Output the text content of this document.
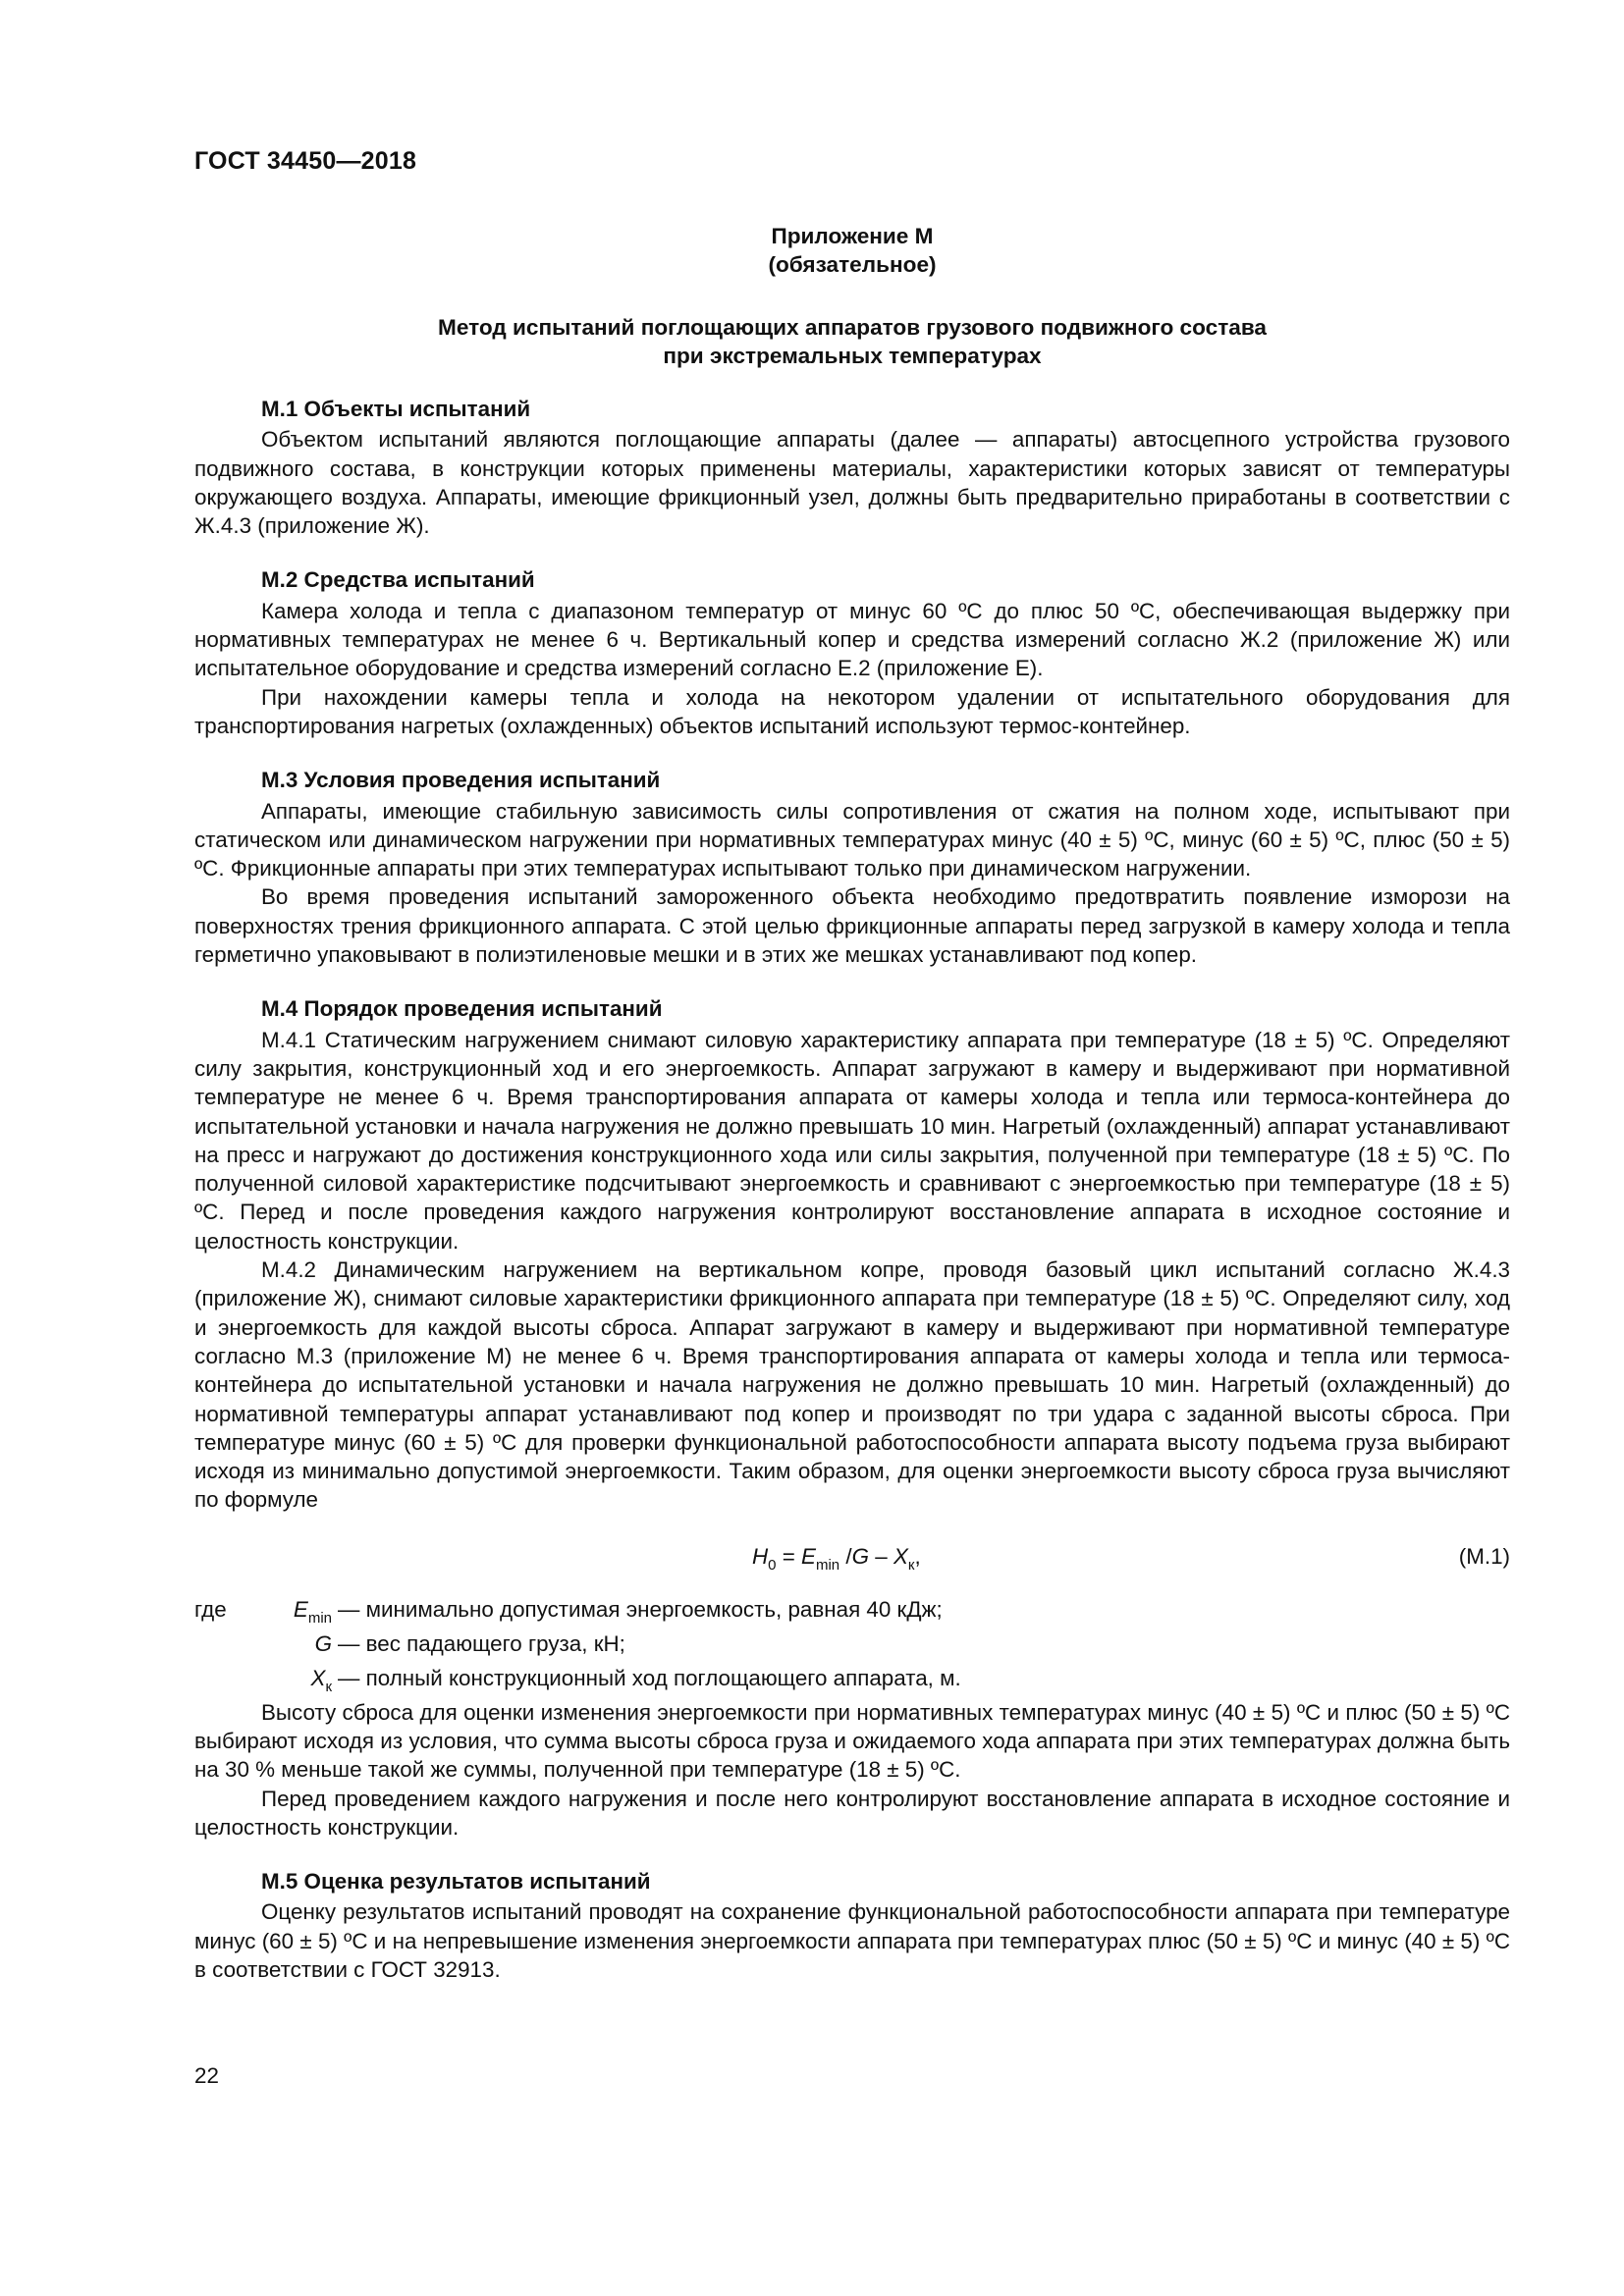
ГОСТ 34450—2018
Приложение М
(обязательное)
Метод испытаний поглощающих аппаратов грузового подвижного состава
при экстремальных температурах
М.1 Объекты испытаний

Объектом испытаний являются поглощающие аппараты (далее — аппараты) автосцепного устройства грузового подвижного состава, в конструкции которых применены материалы, характеристики которых зависят от температуры окружающего воздуха. Аппараты, имеющие фрикционный узел, должны быть предварительно приработаны в соответствии с Ж.4.3 (приложение Ж).

М.2 Средства испытаний

Камера холода и тепла с диапазоном температур от минус 60 ºС до плюс 50 ºС, обеспечивающая выдержку при нормативных температурах не менее 6 ч. Вертикальный копер и средства измерений согласно Ж.2 (приложение Ж) или испытательное оборудование и средства измерений согласно Е.2 (приложение Е).

При нахождении камеры тепла и холода на некотором удалении от испытательного оборудования для транспортирования нагретых (охлажденных) объектов испытаний используют термос-контейнер.

М.3 Условия проведения испытаний

Аппараты, имеющие стабильную зависимость силы сопротивления от сжатия на полном ходе, испытывают при статическом или динамическом нагружении при нормативных температурах минус (40 ± 5) ºС, минус (60 ± 5) ºС, плюс (50 ± 5) ºС. Фрикционные аппараты при этих температурах испытывают только при динамическом нагружении.

Во время проведения испытаний замороженного объекта необходимо предотвратить появление изморози на поверхностях трения фрикционного аппарата. С этой целью фрикционные аппараты перед загрузкой в камеру холода и тепла герметично упаковывают в полиэтиленовые мешки и в этих же мешках устанавливают под копер.

М.4 Порядок проведения испытаний

М.4.1 Статическим нагружением снимают силовую характеристику аппарата при температуре (18 ± 5) ºС. Определяют силу закрытия, конструкционный ход и его энергоемкость. Аппарат загружают в камеру и выдерживают при нормативной температуре не менее 6 ч. Время транспортирования аппарата от камеры холода и тепла или термоса-контейнера до испытательной установки и начала нагружения не должно превышать 10 мин. Нагретый (охлажденный) аппарат устанавливают на пресс и нагружают до достижения конструкционного хода или силы закрытия, полученной при температуре (18 ± 5) ºС. По полученной силовой характеристике подсчитывают энергоемкость и сравнивают с энергоемкостью при температуре (18 ± 5) ºС. Перед и после проведения каждого нагружения контролируют восстановление аппарата в исходное состояние и целостность конструкции.

М.4.2 Динамическим нагружением на вертикальном копре, проводя базовый цикл испытаний согласно Ж.4.3 (приложение Ж), снимают силовые характеристики фрикционного аппарата при температуре (18 ± 5) ºС. Определяют силу, ход и энергоемкость для каждой высоты сброса. Аппарат загружают в камеру и выдерживают при нормативной температуре согласно М.3 (приложение М) не менее 6 ч. Время транспортирования аппарата от камеры холода и тепла или термоса-контейнера до испытательной установки и начала нагружения не должно превышать 10 мин. Нагретый (охлажденный) до нормативной температуры аппарат устанавливают под копер и производят по три удара с заданной высоты сброса. При температуре минус (60 ± 5) ºС для проверки функциональной работоспособности аппарата высоту подъема груза выбирают исходя из минимально допустимой энергоемкости. Таким образом, для оценки энергоемкости высоту сброса груза вычисляют по формуле

$H_0 = E_{min}$ $/G - X_к$,	(М.1)
где	$E_{min}$ — минимально допустимая энергоемкость, равная 40 кДж;
G — вес падающего груза, кН;
$X_к$ — полный конструкционный ход поглощающего аппарата, м.

Высоту сброса для оценки изменения энергоемкости при нормативных температурах минус (40 ± 5) ºС и плюс (50 ± 5) ºС выбирают исходя из условия, что сумма высоты сброса груза и ожидаемого хода аппарата при этих температурах должна быть на 30 % меньше такой же суммы, полученной при температуре (18 ± 5) ºС.

Перед проведением каждого нагружения и после него контролируют восстановление аппарата в исходное состояние и целостность конструкции.

М.5 Оценка результатов испытаний

Оценку результатов испытаний проводят на сохранение функциональной работоспособности аппарата при температуре минус (60 ± 5) ºС и на непревышение изменения энергоемкости аппарата при температурах плюс (50 ± 5) ºС и минус (40 ± 5) ºС в соответствии с ГОСТ 32913.

22
